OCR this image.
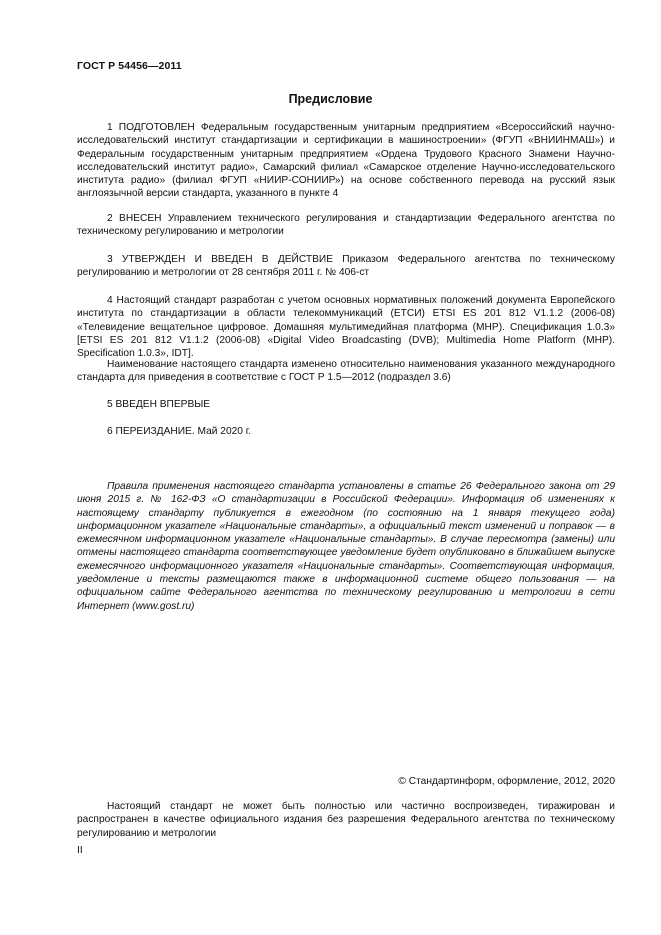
ГОСТ Р 54456—2011
Предисловие
1 ПОДГОТОВЛЕН Федеральным государственным унитарным предприятием «Всероссийский научно-исследовательский институт стандартизации и сертификации в машиностроении» (ФГУП «ВНИИНМАШ») и Федеральным государственным унитарным предприятием «Ордена Трудового Красного Знамени Научно-исследовательский институт радио», Самарский филиал «Самарское отделение Научно-исследовательского института радио» (филиал ФГУП «НИИР-СОНИИР») на основе собственного перевода на русский язык англоязычной версии стандарта, указанного в пункте 4
2 ВНЕСЕН Управлением технического регулирования и стандартизации Федерального агентства по техническому регулированию и метрологии
3 УТВЕРЖДЕН И ВВЕДЕН В ДЕЙСТВИЕ Приказом Федерального агентства по техническому регулированию и метрологии от 28 сентября 2011 г. № 406-ст
4 Настоящий стандарт разработан с учетом основных нормативных положений документа Европейского института по стандартизации в области телекоммуникаций (ЕТСИ) ETSI ES 201 812 V1.1.2 (2006-08) «Телевидение вещательное цифровое. Домашняя мультимедийная платформа (МНР). Спецификация 1.0.3» [ETSI ES 201 812 V1.1.2 (2006-08) «Digital Video Broadcasting (DVB); Multimedia Home Platform (MHP). Specification 1.0.3», IDT].
Наименование настоящего стандарта изменено относительно наименования указанного международного стандарта для приведения в соответствие с ГОСТ Р 1.5—2012 (подраздел 3.6)
5 ВВЕДЕН ВПЕРВЫЕ
6 ПЕРЕИЗДАНИЕ. Май 2020 г.
Правила применения настоящего стандарта установлены в статье 26 Федерального закона от 29 июня 2015 г. № 162-ФЗ «О стандартизации в Российской Федерации». Информация об изменениях к настоящему стандарту публикуется в ежегодном (по состоянию на 1 января текущего года) информационном указателе «Национальные стандарты», а официальный текст изменений и поправок — в ежемесячном информационном указателе «Национальные стандарты». В случае пересмотра (замены) или отмены настоящего стандарта соответствующее уведомление будет опубликовано в ближайшем выпуске ежемесячного информационного указателя «Национальные стандарты». Соответствующая информация, уведомление и тексты размещаются также в информационной системе общего пользования — на официальном сайте Федерального агентства по техническому регулированию и метрологии в сети Интернет (www.gost.ru)
© Стандартинформ, оформление, 2012, 2020
Настоящий стандарт не может быть полностью или частично воспроизведен, тиражирован и распространен в качестве официального издания без разрешения Федерального агентства по техническому регулированию и метрологии
II
